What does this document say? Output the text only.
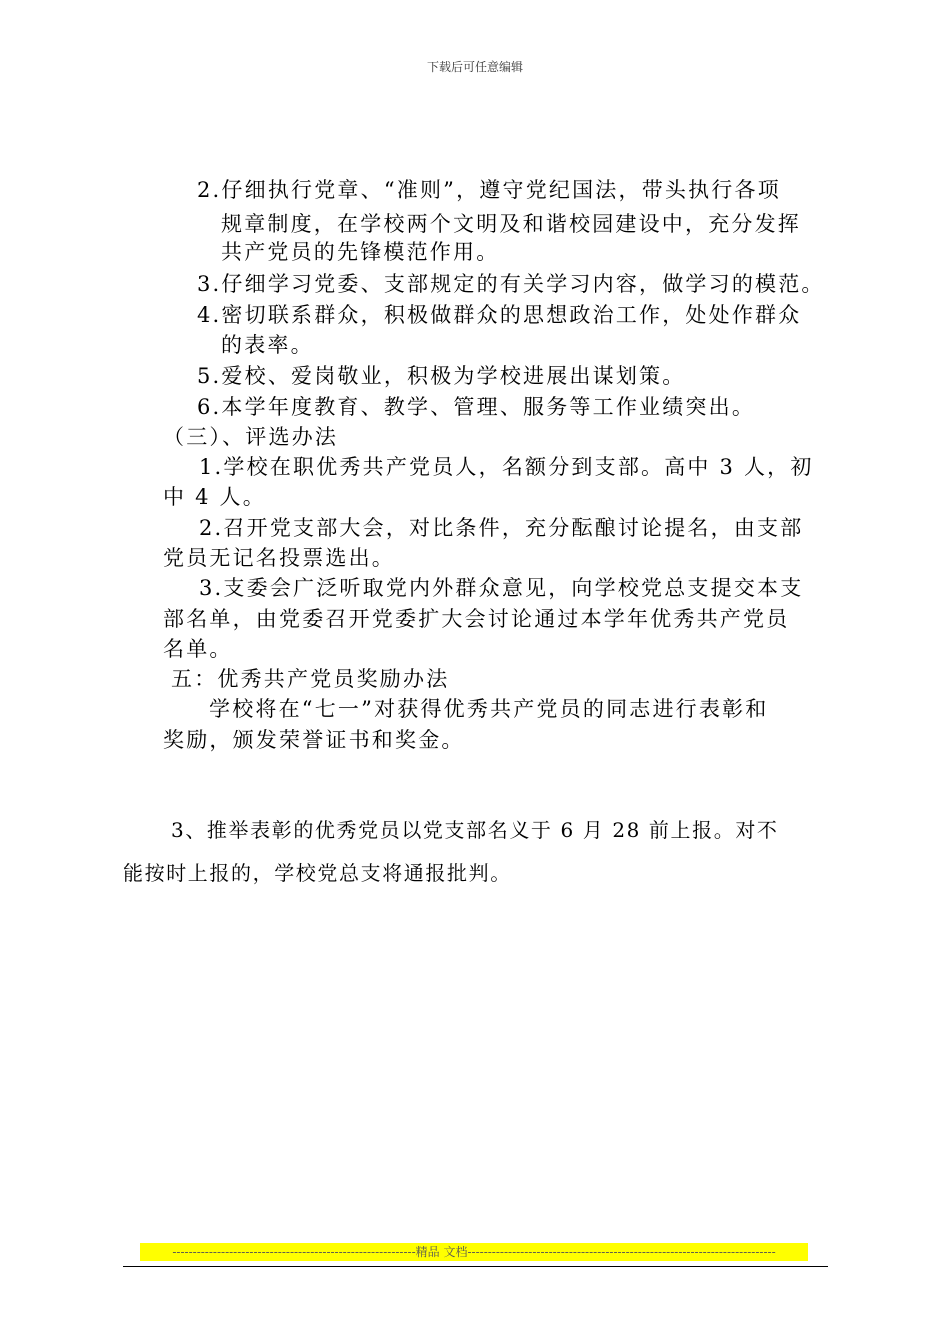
下载后可任意编辑
2.仔细执行党章、“准则”，遵守党纪国法，带头执行各项
规章制度，在学校两个文明及和谐校园建设中，充分发挥
共产党员的先锋模范作用。
3.仔细学习党委、支部规定的有关学习内容，做学习的模范。
4.密切联系群众，积极做群众的思想政治工作，处处作群众
的表率。
5.爱校、爱岗敬业，积极为学校进展出谋划策。
6.本学年度教育、教学、管理、服务等工作业绩突出。
（三）、评选办法
1.学校在职优秀共产党员人，名额分到支部。高中 3 人，初
中 4 人。
2.召开党支部大会，对比条件，充分酝酿讨论提名，由支部
党员无记名投票选出。
3.支委会广泛听取党内外群众意见，向学校党总支提交本支
部名单，由党委召开党委扩大会讨论通过本学年优秀共产党员
名单。
五：优秀共产党员奖励办法
学校将在“七一”对获得优秀共产党员的同志进行表彰和
奖励，颁发荣誉证书和奖金。
3、推举表彰的优秀党员以党支部名义于 6 月 28 前上报。对不
能按时上报的，学校党总支将通报批判。
------------------------------------------------------------精品 文档----------------------------------------------------------------------------
